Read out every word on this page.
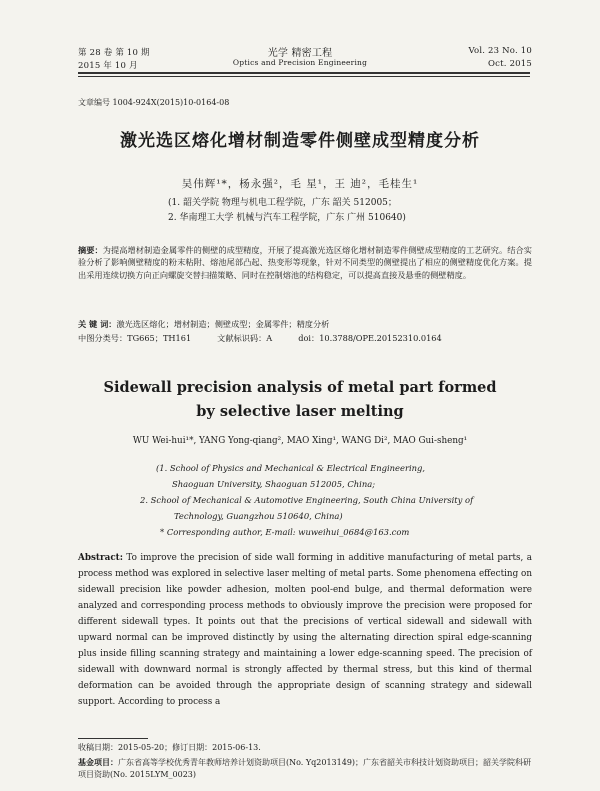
第 28 卷 第 10 期
2015 年 10 月
光学 精密工程
Optics and Precision Engineering
Vol. 23 No. 10
Oct. 2015
文章编号 1004-924X(2015)10-0164-08
激光选区熔化增材制造零件侧壁成型精度分析
吴伟辉¹*，杨永强²，毛 星¹，王 迪²，毛桂生¹
(1. 韶关学院 物理与机电工程学院，广东 韶关 512005；
2. 华南理工大学 机械与汽车工程学院，广东 广州 510640)
摘要：为提高增材制造金属零件的侧壁的成型精度，开展了提高激光选区熔化增材制造零件侧壁成型精度的工艺研究。结合实验分析了影响侧壁精度的粉末粘附、熔池尾部凸起、热变形等现象，针对不同类型的侧壁提出了相应的侧壁精度优化方案。提出采用连续切换方向正向螺旋交替扫描策略、同时在控制熔池的结构稳定，可以提高直接及悬垂的侧壁精度。
关 键 词：激光选区熔化；增材制造；侧壁成型；金属零件；精度分析
中图分类号：TG665；TH161	文献标识码：A	doi：10.3788/OPE.20152310.0164
Sidewall precision analysis of metal part formed
by selective laser melting
WU Wei-hui¹*, YANG Yong-qiang², MAO Xing¹, WANG Di², MAO Gui-sheng¹
(1. School of Physics and Mechanical & Electrical Engineering,
Shaoguan University, Shaoguan 512005, China;
2. School of Mechanical & Automotive Engineering, South China University of
Technology, Guangzhou 510640, China)
* Corresponding author, E-mail: wuweihui_0684@163.com
Abstract: To improve the precision of side wall forming in additive manufacturing of metal parts, a process method was explored in selective laser melting of metal parts. Some phenomena effecting on sidewall precision like powder adhesion, molten pool-end bulge, and thermal deformation were analyzed and corresponding process methods to obviously improve the precision were proposed for different sidewall types. It points out that the precisions of vertical sidewall and sidewall with upward normal can be improved distinctly by using the alternating direction spiral edge-scanning plus inside filling scanning strategy and maintaining a lower edge-scanning speed. The precision of sidewall with downward normal is strongly affected by thermal stress, but this kind of thermal deformation can be avoided through the appropriate design of scanning strategy and sidewall support. According to process a
收稿日期：2015-05-20；修订日期：2015-06-13.
基金项目：广东省高等学校优秀青年教师培养计划资助项目(No. Yq2013149)；广东省韶关市科技计划资助项目；韶关学院科研项目资助(No. 2015LYM_0023)
